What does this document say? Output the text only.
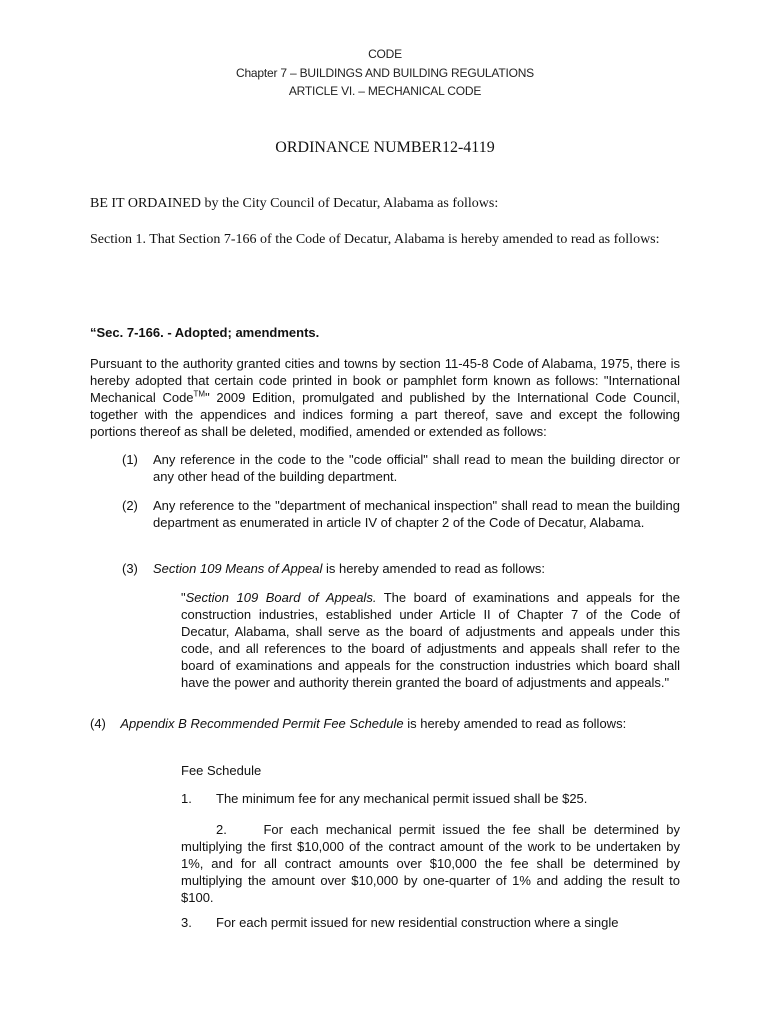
CODE
Chapter 7 – BUILDINGS AND BUILDING REGULATIONS
ARTICLE VI. – MECHANICAL CODE
ORDINANCE NUMBER12-4119
BE IT ORDAINED by the City Council of Decatur, Alabama as follows:
Section 1. That Section 7-166 of the Code of Decatur, Alabama is hereby amended to read as follows:
“Sec. 7-166. - Adopted; amendments.
Pursuant to the authority granted cities and towns by section 11-45-8 Code of Alabama, 1975, there is hereby adopted that certain code printed in book or pamphlet form known as follows: "International Mechanical Code™" 2009 Edition, promulgated and published by the International Code Council, together with the appendices and indices forming a part thereof, save and except the following portions thereof as shall be deleted, modified, amended or extended as follows:
(1) Any reference in the code to the "code official" shall read to mean the building director or any other head of the building department.
(2) Any reference to the "department of mechanical inspection" shall read to mean the building department as enumerated in article IV of chapter 2 of the Code of Decatur, Alabama.
(3) Section 109 Means of Appeal is hereby amended to read as follows:
"Section 109 Board of Appeals. The board of examinations and appeals for the construction industries, established under Article II of Chapter 7 of the Code of Decatur, Alabama, shall serve as the board of adjustments and appeals under this code, and all references to the board of adjustments and appeals shall refer to the board of examinations and appeals for the construction industries which board shall have the power and authority therein granted the board of adjustments and appeals."
(4) Appendix B Recommended Permit Fee Schedule is hereby amended to read as follows:
Fee Schedule
1. The minimum fee for any mechanical permit issued shall be $25.
2.	For each mechanical permit issued the fee shall be determined by multiplying the first $10,000 of the contract amount of the work to be undertaken by 1%, and for all contract amounts over $10,000 the fee shall be determined by multiplying the amount over $10,000 by one-quarter of 1% and adding the result to $100.
3. For each permit issued for new residential construction where a single
